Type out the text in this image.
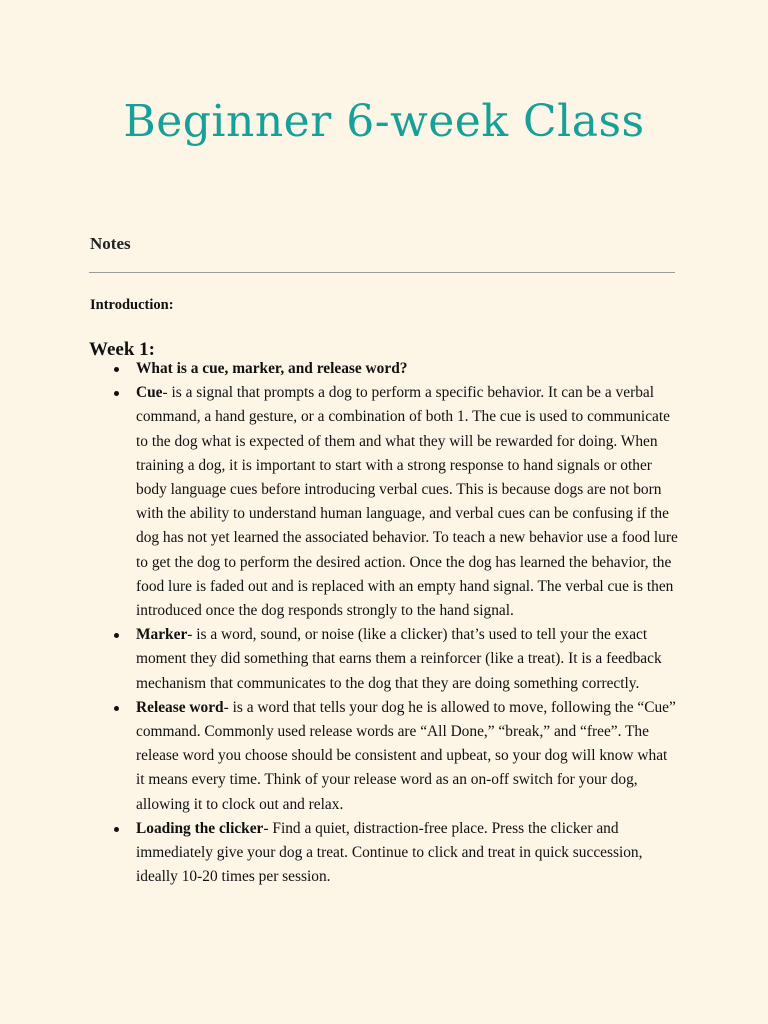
Beginner 6-week Class

Notes

Introduction:

Week 1:
What is a cue, marker, and release word?
Cue- is a signal that prompts a dog to perform a specific behavior. It can be a verbal command, a hand gesture, or a combination of both 1. The cue is used to communicate to the dog what is expected of them and what they will be rewarded for doing. When training a dog, it is important to start with a strong response to hand signals or other body language cues before introducing verbal cues. This is because dogs are not born with the ability to understand human language, and verbal cues can be confusing if the dog has not yet learned the associated behavior. To teach a new behavior use a food lure to get the dog to perform the desired action. Once the dog has learned the behavior, the food lure is faded out and is replaced with an empty hand signal. The verbal cue is then introduced once the dog responds strongly to the hand signal.
Marker- is a word, sound, or noise (like a clicker) that’s used to tell your the exact moment they did something that earns them a reinforcer (like a treat). It is a feedback mechanism that communicates to the dog that they are doing something correctly.
Release word- is a word that tells your dog he is allowed to move, following the “Cue” command. Commonly used release words are “All Done,” “break,” and “free”. The release word you choose should be consistent and upbeat, so your dog will know what it means every time. Think of your release word as an on-off switch for your dog, allowing it to clock out and relax.
Loading the clicker- Find a quiet, distraction-free place. Press the clicker and immediately give your dog a treat. Continue to click and treat in quick succession, ideally 10-20 times per session.
